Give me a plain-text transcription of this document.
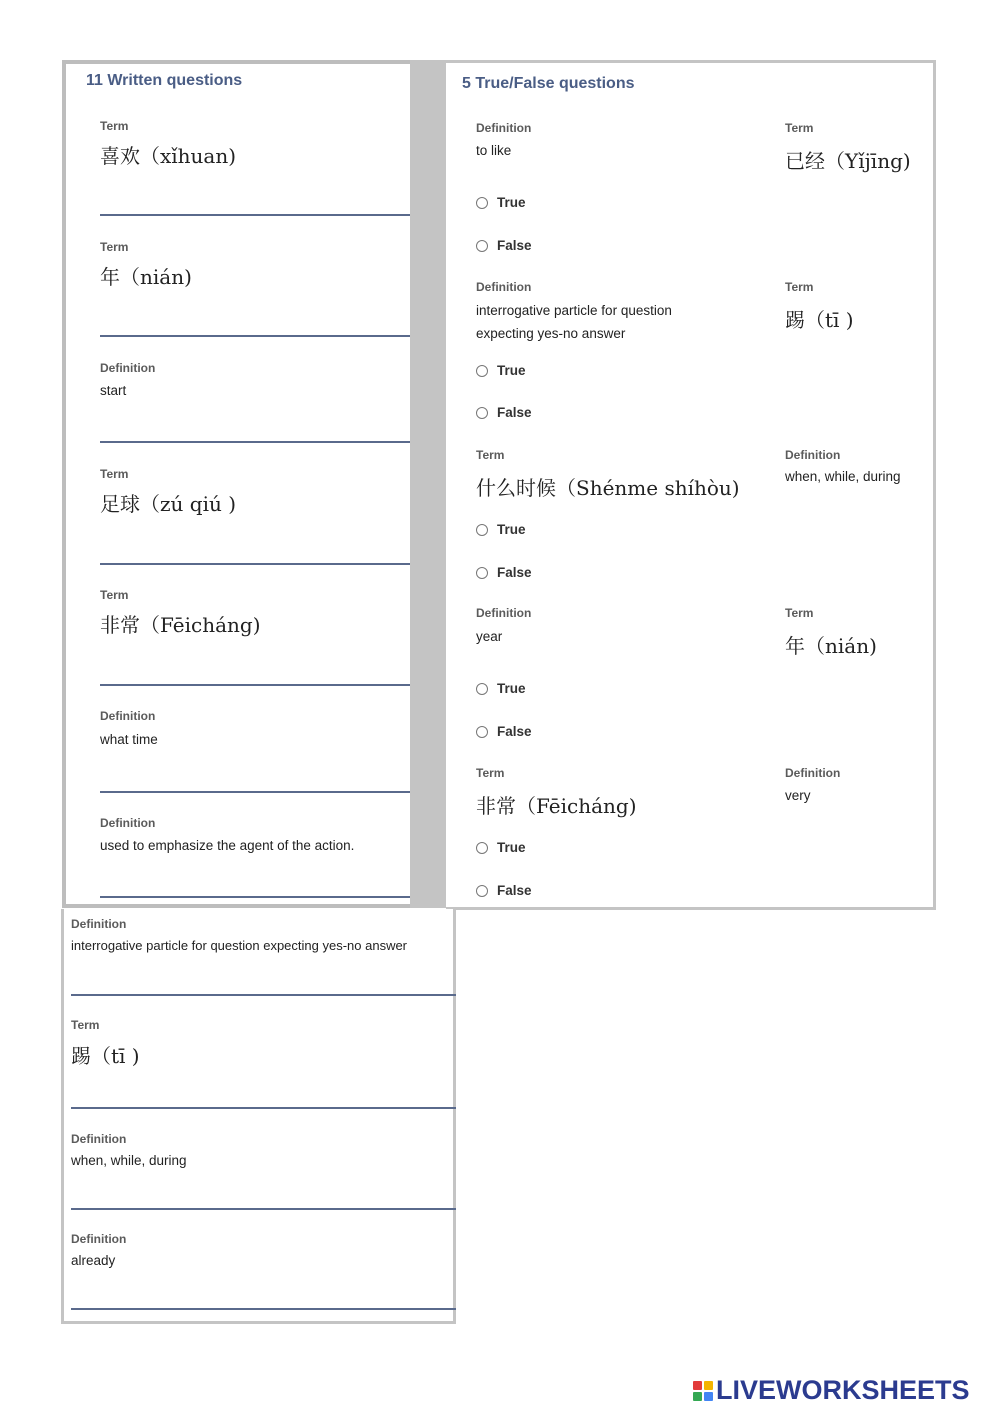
11 Written questions
Term
喜欢（xǐhuan)
Term
年（nián)
Definition
start
Term
足球（zú qiú )
Term
非常（Fēicháng)
Definition
what time
Definition
used to emphasize the agent of the action.
5 True/False questions
Definition
to like
Term
已经（Yǐjīng)
True
False
Definition
interrogative particle for question expecting yes-no answer
Term
踢（tī )
True
False
Term
什么时候（Shénme shíhòu)
Definition
when, while, during
True
False
Definition
year
Term
年（nián)
True
False
Term
非常（Fēicháng)
Definition
very
True
False
Definition
interrogative particle for question expecting yes-no answer
Term
踢（tī )
Definition
when, while, during
Definition
already
LIVEWORKSHEETS
